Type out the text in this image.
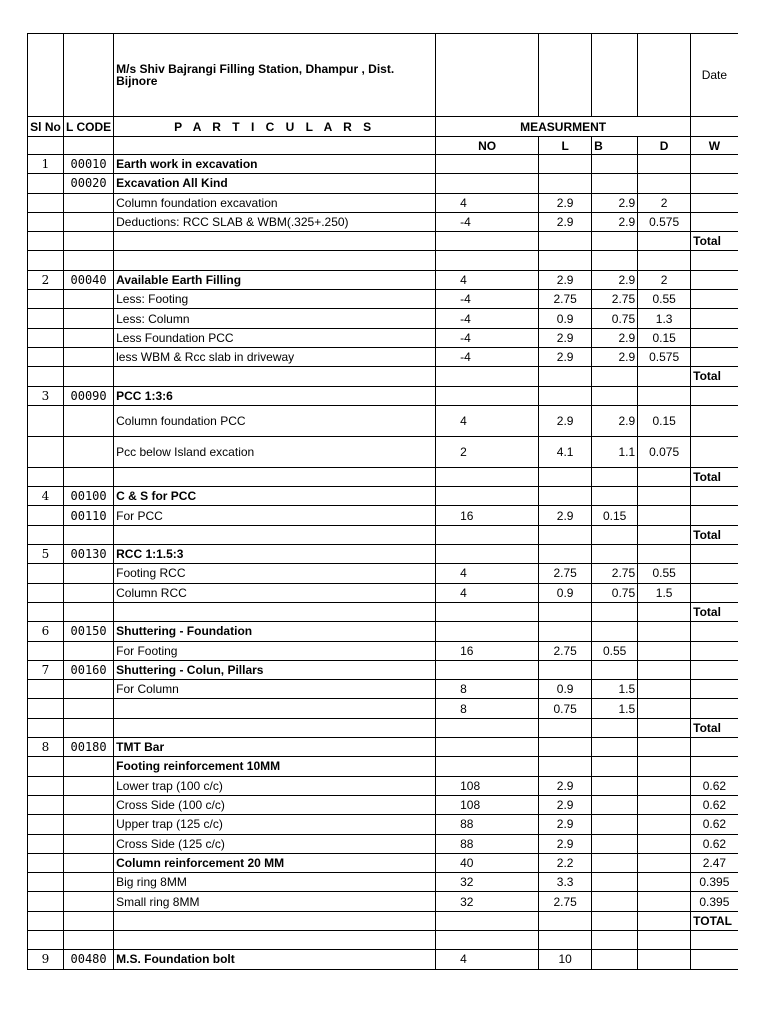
		M/s Shiv Bajrangi Filling Station, Dhampur , Dist. Bijnore					Date
Sl No	L CODE	P A R T I C U L A R S	MEASURMENT				
			NO	L	B	D	W
1	00010	Earth work in excavation					
	00020	Excavation All Kind					
		Column foundation excavation	4	2.9	2.9	2	
		Deductions: RCC SLAB & WBM(.325+.250)	-4	2.9	2.9	0.575	
							Total

2	00040	Available Earth Filling	4	2.9	2.9	2	
		Less: Footing	-4	2.75	2.75	0.55	
		Less: Column	-4	0.9	0.75	1.3	
		Less Foundation PCC	-4	2.9	2.9	0.15	
		less WBM & Rcc slab in driveway	-4	2.9	2.9	0.575	
							Total
3	00090	PCC 1:3:6					
		Column foundation PCC	4	2.9	2.9	0.15	
		Pcc below Island excation	2	4.1	1.1	0.075	
							Total
4	00100	C & S for PCC					
	00110	For PCC	16	2.9	0.15		
							Total
5	00130	RCC 1:1.5:3					
		Footing RCC	4	2.75	2.75	0.55	
		Column RCC	4	0.9	0.75	1.5	
							Total
6	00150	Shuttering - Foundation					
		For Footing	16	2.75	0.55		
7	00160	Shuttering - Colun, Pillars					
		For Column	8	0.9	1.5		
			8	0.75	1.5		
							Total
8	00180	TMT Bar					
		Footing reinforcement 10MM					
		Lower trap (100 c/c)	108	2.9			0.62
		Cross Side (100 c/c)	108	2.9			0.62
		Upper trap (125 c/c)	88	2.9			0.62
		Cross Side (125 c/c)	88	2.9			0.62
		Column reinforcement 20 MM	40	2.2			2.47
		Big ring 8MM	32	3.3			0.395
		Small ring 8MM	32	2.75			0.395
							TOTAL

9	00480	M.S. Foundation bolt	4	10			
